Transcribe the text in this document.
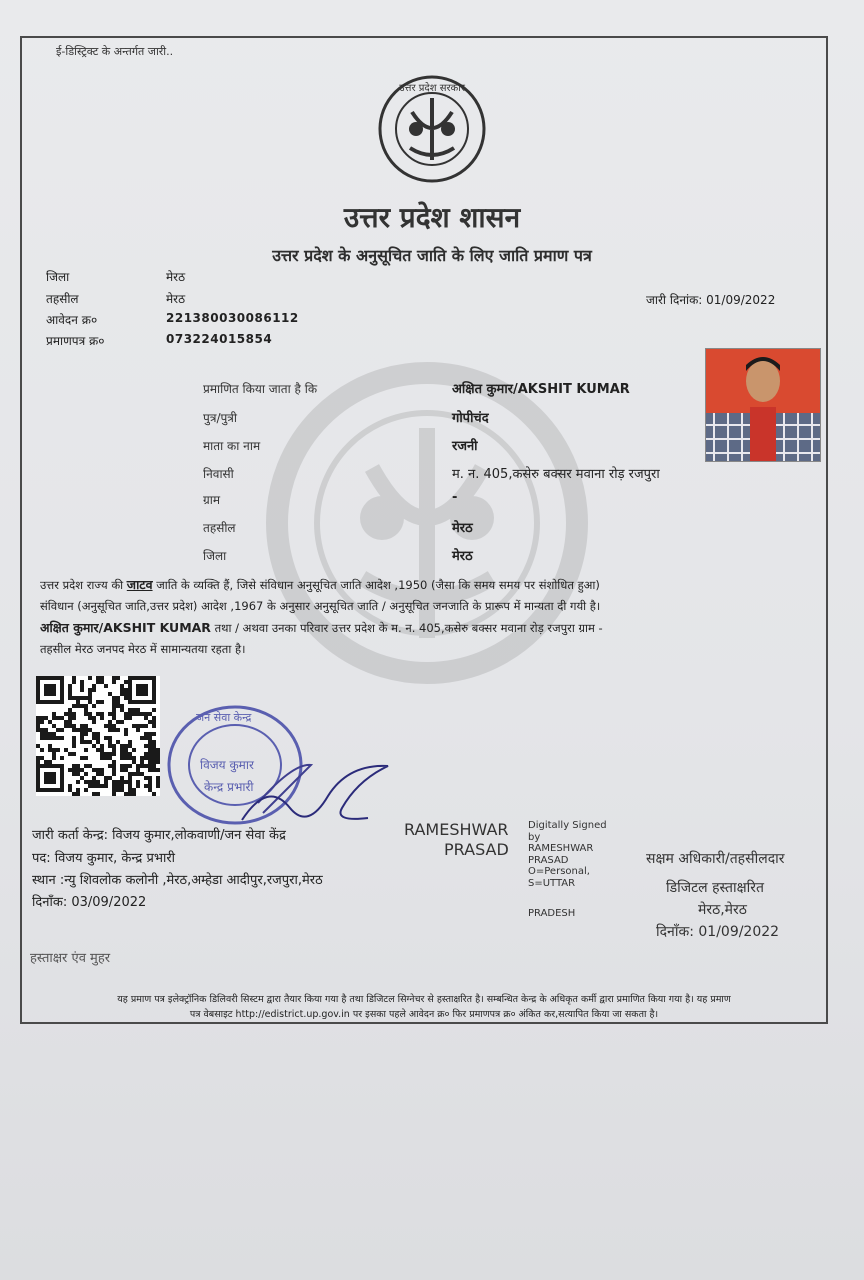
ई-डिस्ट्रिक्ट के अन्तर्गत जारी..
उत्तर प्रदेश सरकार
उत्तर प्रदेश शासन
उत्तर प्रदेश के अनुसूचित जाति के लिए जाति प्रमाण पत्र
जिला	मेरठ
तहसील	मेरठ
आवेदन क्र०	221380030086112
प्रमाणपत्र क्र०	073224015854
जारी दिनांक: 01/09/2022
प्रमाणित किया जाता है कि	अक्षित कुमार/AKSHIT KUMAR
पुत्र/पुत्री	गोपीचंद
माता का नाम	रजनी
निवासी	म. न. 405,कसेरु बक्सर मवाना रोड़ रजपुरा
ग्राम	-
तहसील	मेरठ
जिला	मेरठ
उत्तर प्रदेश राज्य की जाटव जाति के व्यक्ति हैं, जिसे संविधान अनुसूचित जाति आदेश ,1950 (जैसा कि समय समय पर संशोधित हुआ)
संविधान (अनुसूचित जाति,उत्तर प्रदेश) आदेश ,1967 के अनुसार अनुसूचित जाति / अनुसूचित जनजाति के प्रारूप में मान्यता दी गयी है।
अक्षित कुमार/AKSHIT KUMAR तथा / अथवा उनका परिवार उत्तर प्रदेश के म. न. 405,कसेरु बक्सर मवाना रोड़ रजपुरा ग्राम -
तहसील मेरठ जनपद मेरठ में सामान्यतया रहता है।
जन सेवा केन्द्र
विजय कुमार
केन्द्र प्रभारी
जारी कर्ता केन्द्र: विजय कुमार,लोकवाणी/जन सेवा केंद्र
पद: विजय कुमार, केन्द्र प्रभारी
स्थान :न्यु शिवलोक कलोनी ,मेरठ,अम्हेडा आदीपुर,रजपुरा,मेरठ
दिनाँक: 03/09/2022
हस्ताक्षर एंव मुहर
RAMESHWAR
PRASAD
Digitally Signed
by
RAMESHWAR
PRASAD
O=Personal,
S=UTTAR
PRADESH
सक्षम अधिकारी/तहसीलदार
डिजिटल हस्ताक्षरित
मेरठ,मेरठ
दिनाँक: 01/09/2022
यह प्रमाण पत्र इलेक्ट्रॉनिक डिलिवरी सिस्टम द्वारा तैयार किया गया है तथा डिजिटल सिग्नेचर से हस्ताक्षरित है। सम्बन्धित केन्द्र के अधिकृत कर्मी द्वारा प्रमाणित किया गया है। यह प्रमाण
पत्र वेबसाइट http://edistrict.up.gov.in पर इसका पहले आवेदन क्र० फिर प्रमाणपत्र क्र० अंकित कर,सत्यापित किया जा सकता है।
